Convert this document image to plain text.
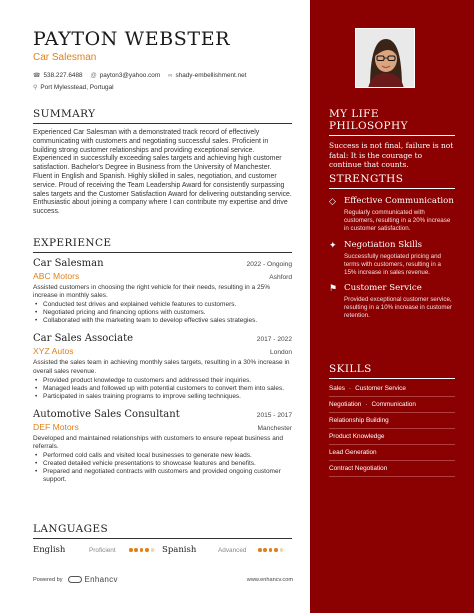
PAYTON WEBSTER
Car Salesman
☎ 538.227.6488 @ payton3@yahoo.com ∞ shady-embellishment.net
⚲ Port Mylesstead, Portugal
SUMMARY

Experienced Car Salesman with a demonstrated track record of effectively communicating with customers and negotiating successful sales. Proficient in building strong customer relationships and providing exceptional service. Experienced in successfully exceeding sales targets and achieving high customer satisfaction. Bachelor's Degree in Business from the University of Manchester. Fluent in English and Spanish. Highly skilled in sales, negotiation, and customer service. Proud of receiving the Team Leadership Award for consistently surpassing sales targets and the Customer Satisfaction Award for delivering outstanding service. Enthusiastic about joining a company where I can contribute my expertise and drive success.

EXPERIENCE
Car Salesman	2022 - Ongoing
ABC Motors	Ashford

Assisted customers in choosing the right vehicle for their needs, resulting in a 25% increase in monthly sales.

• Conducted test drives and explained vehicle features to customers.
• Negotiated pricing and financing options with customers.
• Collaborated with the marketing team to develop effective sales strategies.
Car Sales Associate	2017 - 2022
XYZ Autos	London

Assisted the sales team in achieving monthly sales targets, resulting in a 30% increase in overall sales revenue.

• Provided product knowledge to customers and addressed their inquiries.
• Managed leads and followed up with potential customers to convert them into sales.
• Participated in sales training programs to improve selling techniques.
Automotive Sales Consultant	2015 - 2017
DEF Motors	Manchester

Developed and maintained relationships with customers to ensure repeat business and referrals.

• Performed cold calls and visited local businesses to generate new leads.
• Created detailed vehicle presentations to showcase features and benefits.
• Prepared and negotiated contracts with customers and provided ongoing customer support.
LANGUAGES
English	Proficient	Spanish	Advanced
Powered by	Enhancv	www.enhancv.com
MY LIFE PHILOSOPHY

Success is not final, failure is not fatal: It is the courage to continue that counts.

STRENGTHS
◇ Effective Communication
Regularly communicated with customers, resulting in a 20% increase in customer satisfaction.
✦ Negotiation Skills
Successfully negotiated pricing and terms with customers, resulting in a 15% increase in sales revenue.
⚑ Customer Service
Provided exceptional customer service, resulting in a 10% increase in customer retention.
SKILLS
Sales · Customer Service
Negotiation · Communication
Relationship Building
Product Knowledge
Lead Generation
Contract Negotiation
